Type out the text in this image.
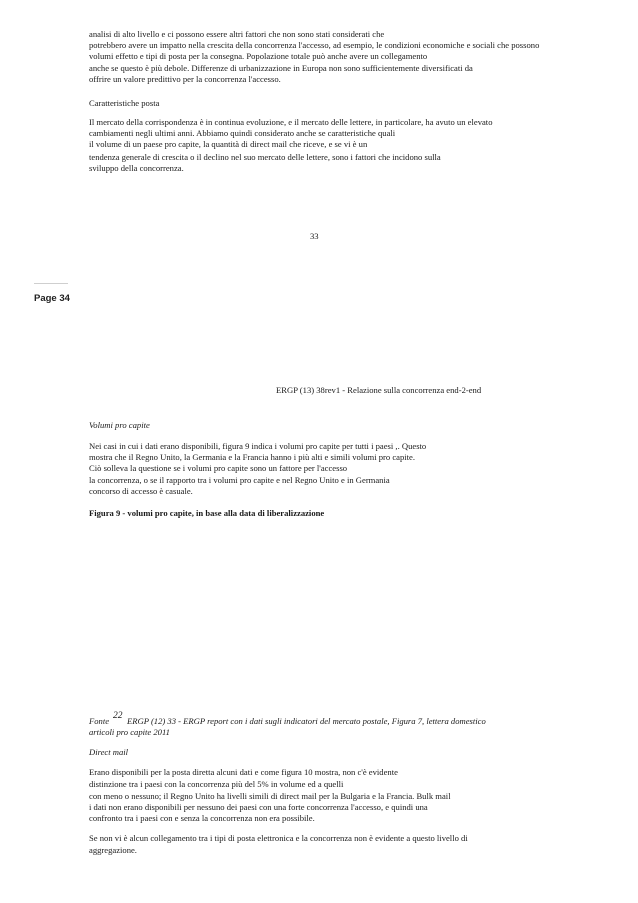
analisi di alto livello e ci possono essere altri fattori che non sono stati considerati che
potrebbero avere un impatto nella crescita della concorrenza l'accesso, ad esempio, le condizioni economiche e sociali che possono
volumi effetto e tipi di posta per la consegna. Popolazione totale può anche avere un collegamento
anche se questo è più debole. Differenze di urbanizzazione in Europa non sono sufficientemente diversificati da
offrire un valore predittivo per la concorrenza l'accesso.
Caratteristiche posta
Il mercato della corrispondenza è in continua evoluzione, e il mercato delle lettere, in particolare, ha avuto un elevato
cambiamenti negli ultimi anni. Abbiamo quindi considerato anche se caratteristiche quali
il volume di un paese pro capite, la quantità di direct mail che riceve, e se vi è un
tendenza generale di crescita o il declino nel suo mercato delle lettere, sono i fattori che incidono sulla
sviluppo della concorrenza.
33
Page 34
ERGP (13) 38rev1 - Relazione sulla concorrenza end-2-end
Volumi pro capite
Nei casi in cui i dati erano disponibili, figura 9 indica i volumi pro capite per tutti i paesi ,. Questo
mostra che il Regno Unito, la Germania e la Francia hanno i più alti e simili volumi pro capite.
Ciò solleva la questione se i volumi pro capite sono un fattore per l'accesso
la concorrenza, o se il rapporto tra i volumi pro capite e nel Regno Unito e in Germania
concorso di accesso è casuale.
Figura 9 - volumi pro capite, in base alla data di liberalizzazione
Fonte 22 ERGP (12) 33 - ERGP report con i dati sugli indicatori del mercato postale, Figura 7, lettera domestico
articoli pro capite 2011
Direct mail
Erano disponibili per la posta diretta alcuni dati e come figura 10 mostra, non c'è evidente
distinzione tra i paesi con la concorrenza più del 5% in volume ed a quelli
con meno o nessuno; il Regno Unito ha livelli simili di direct mail per la Bulgaria e la Francia. Bulk mail
i dati non erano disponibili per nessuno dei paesi con una forte concorrenza l'accesso, e quindi una
confronto tra i paesi con e senza la concorrenza non era possibile.
Se non vi è alcun collegamento tra i tipi di posta elettronica e la concorrenza non è evidente a questo livello di
aggregazione.
